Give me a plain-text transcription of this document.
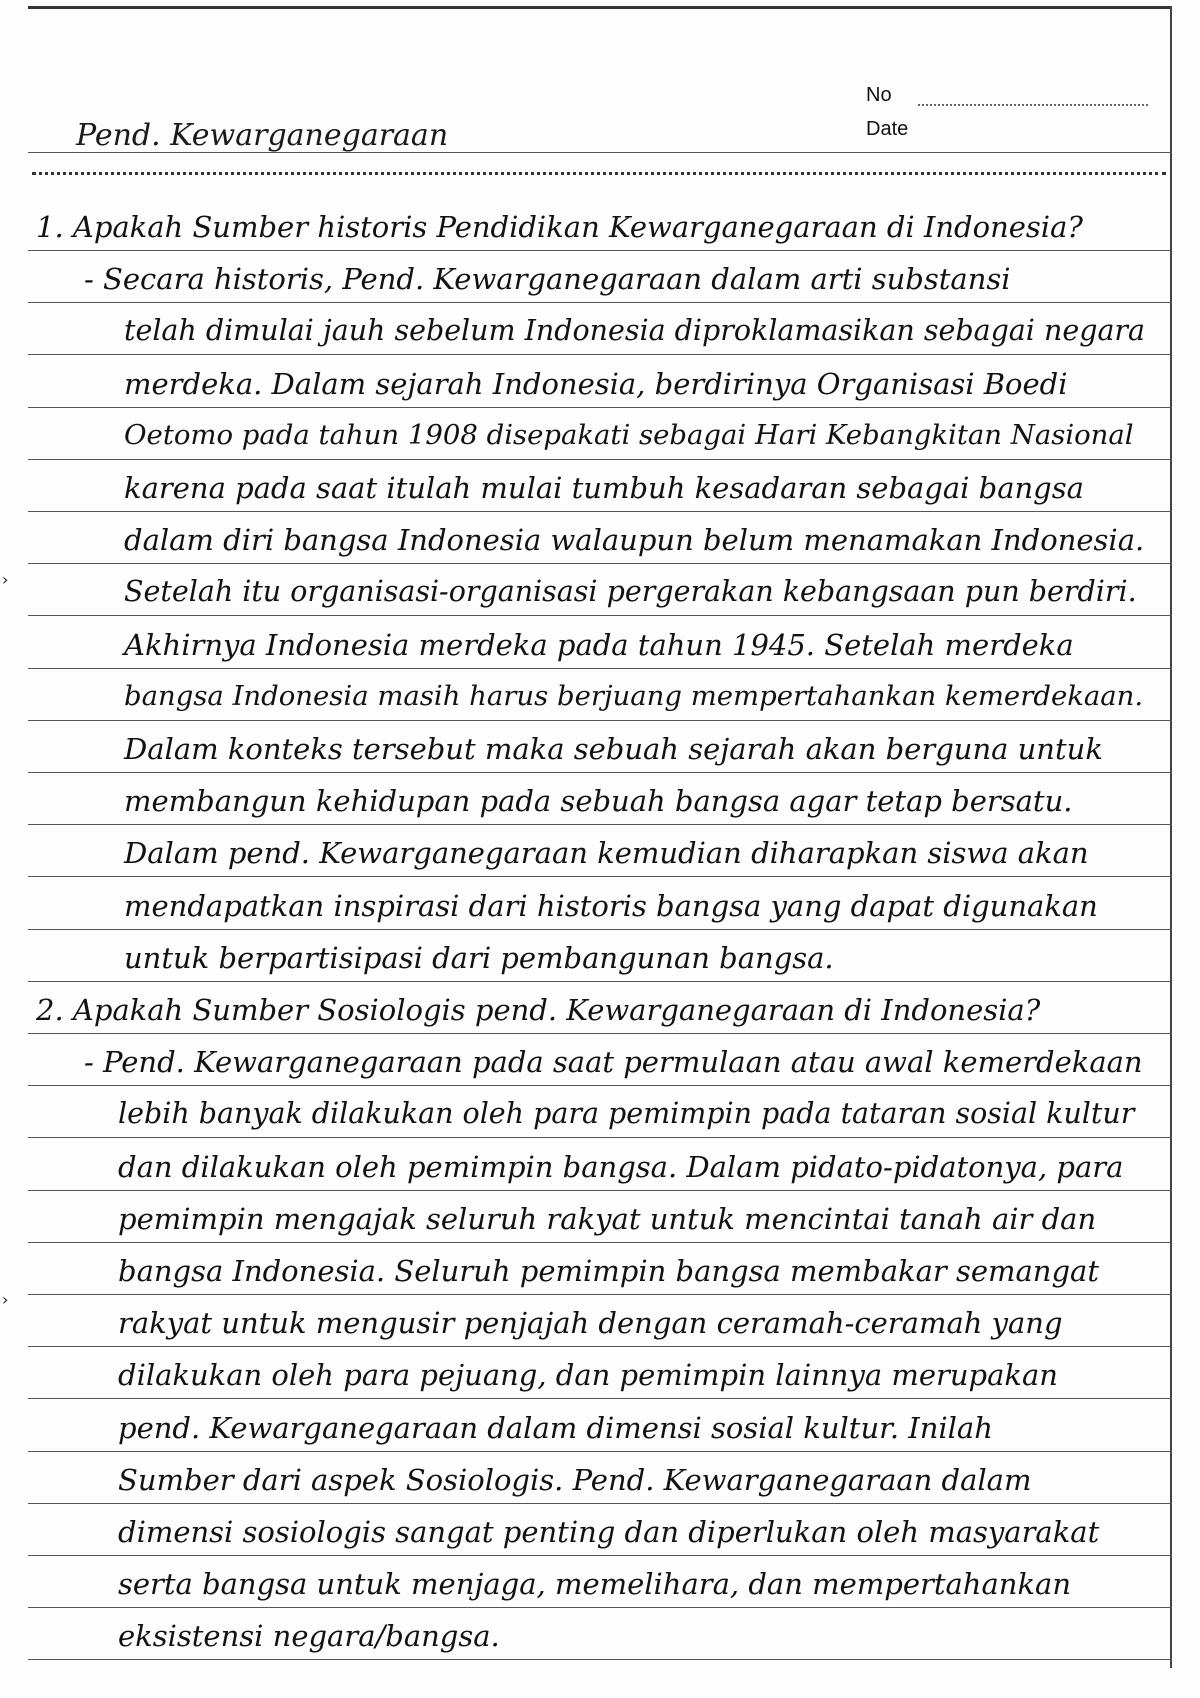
No
Date
Pend. Kewarganegaraan
›
›
1. Apakah Sumber historis Pendidikan Kewarganegaraan di Indonesia?
- Secara historis, Pend. Kewarganegaraan dalam arti substansi
telah dimulai jauh sebelum Indonesia diproklamasikan sebagai negara
merdeka. Dalam sejarah Indonesia, berdirinya Organisasi Boedi
Oetomo pada tahun 1908 disepakati sebagai Hari Kebangkitan Nasional
karena pada saat itulah mulai tumbuh kesadaran sebagai bangsa
dalam diri bangsa Indonesia walaupun belum menamakan Indonesia.
Setelah itu organisasi-organisasi pergerakan kebangsaan pun berdiri.
Akhirnya Indonesia merdeka pada tahun 1945. Setelah merdeka
bangsa Indonesia masih harus berjuang mempertahankan kemerdekaan.
Dalam konteks tersebut maka sebuah sejarah akan berguna untuk
membangun kehidupan pada sebuah bangsa agar tetap bersatu.
Dalam pend. Kewarganegaraan kemudian diharapkan siswa akan
mendapatkan inspirasi dari historis bangsa yang dapat digunakan
untuk berpartisipasi dari pembangunan bangsa.
2. Apakah Sumber Sosiologis pend. Kewarganegaraan di Indonesia?
- Pend. Kewarganegaraan pada saat permulaan atau awal kemerdekaan
lebih banyak dilakukan oleh para pemimpin pada tataran sosial kultur
dan dilakukan oleh pemimpin bangsa. Dalam pidato-pidatonya, para
pemimpin mengajak seluruh rakyat untuk mencintai tanah air dan
bangsa Indonesia. Seluruh pemimpin bangsa membakar semangat
rakyat untuk mengusir penjajah dengan ceramah-ceramah yang
dilakukan oleh para pejuang, dan pemimpin lainnya merupakan
pend. Kewarganegaraan dalam dimensi sosial kultur. Inilah
Sumber dari aspek Sosiologis. Pend. Kewarganegaraan dalam
dimensi sosiologis sangat penting dan diperlukan oleh masyarakat
serta bangsa untuk menjaga, memelihara, dan mempertahankan
eksistensi negara/bangsa.
